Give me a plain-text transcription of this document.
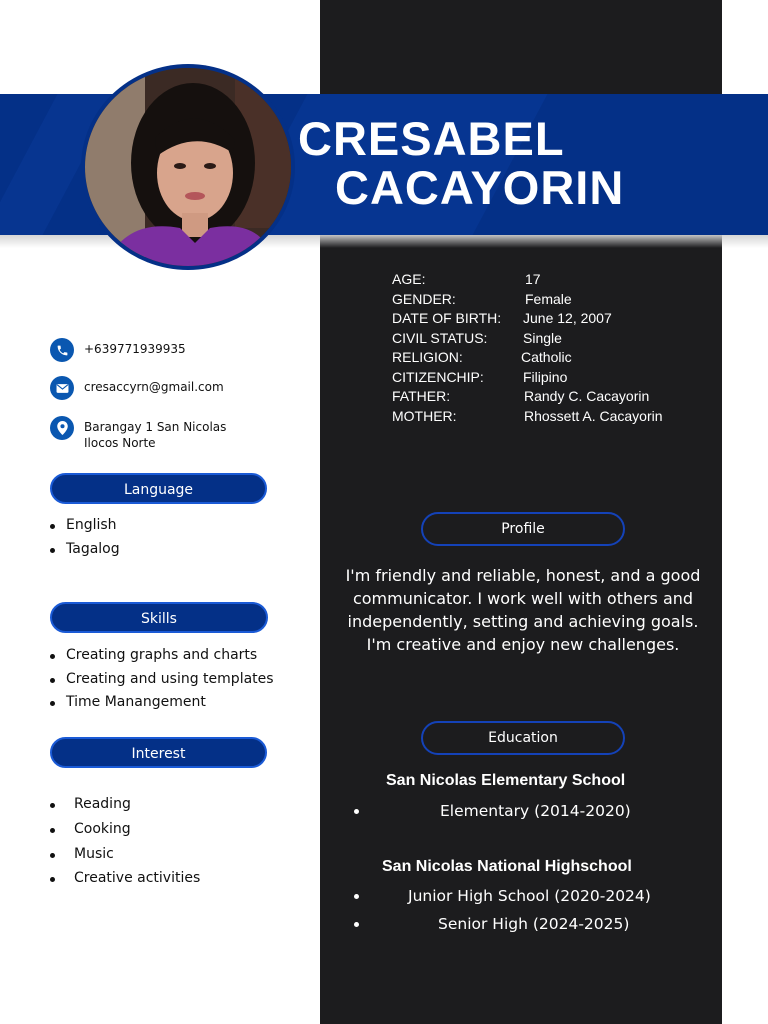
CRESABEL
CACAYORIN
AGE:	17
GENDER:	Female
DATE OF BIRTH: June 12, 2007
CIVIL STATUS:	Single
RELIGION:	Catholic
CITIZENCHIP:	Filipino
FATHER:	Randy C. Cacayorin
MOTHER:	Rhossett A. Cacayorin
+639771939935
cresaccyrn@gmail.com
Barangay 1 San Nicolas
Ilocos Norte
Language
English
Tagalog
Skills
Creating graphs and charts
Creating and using templates
Time Manangement
Interest
Reading
Cooking
Music
Creative activities
Profile
I'm friendly and reliable, honest, and a good communicator. I work well with others and independently, setting and achieving goals. I'm creative and enjoy new challenges.
Education
San Nicolas Elementary School
Elementary (2014-2020)
San Nicolas National Highschool
Junior High School (2020-2024)
Senior High (2024-2025)
